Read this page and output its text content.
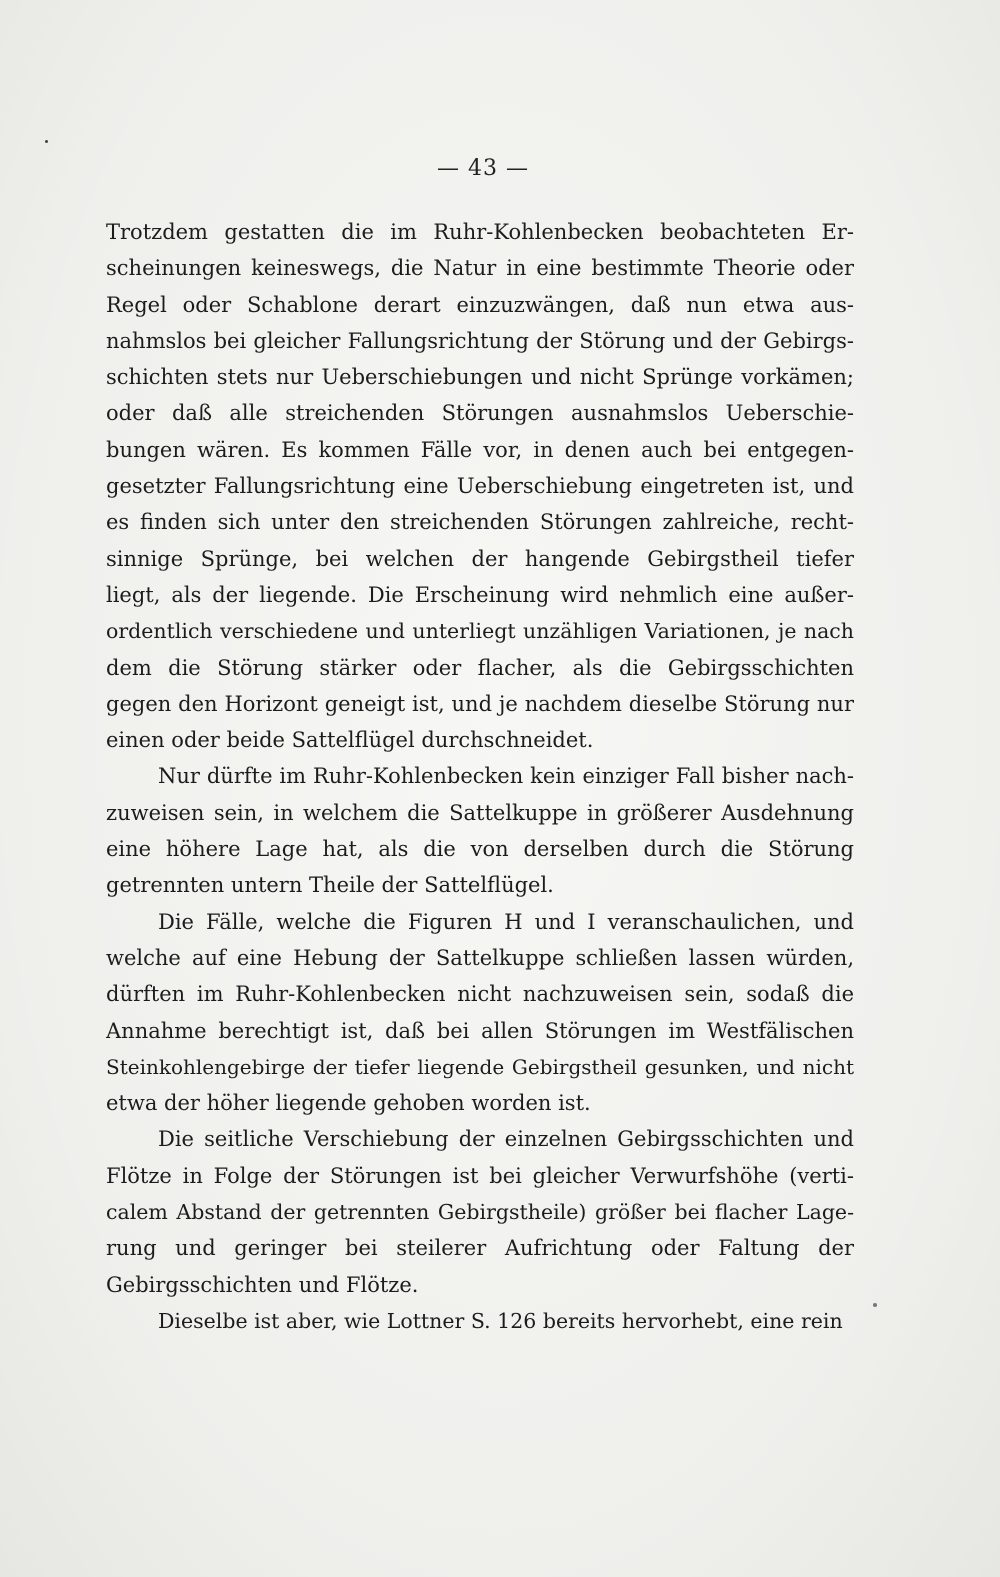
— 43 —
Trotzdem gestatten die im Ruhr-Kohlenbecken beobachteten Er-
scheinungen keineswegs, die Natur in eine bestimmte Theorie oder
Regel oder Schablone derart einzuzwängen, daß nun etwa aus-
nahmslos bei gleicher Fallungsrichtung der Störung und der Gebirgs-
schichten stets nur Ueberschiebungen und nicht Sprünge vorkämen;
oder daß alle streichenden Störungen ausnahmslos Ueberschie-
bungen wären. Es kommen Fälle vor, in denen auch bei entgegen-
gesetzter Fallungsrichtung eine Ueberschiebung eingetreten ist, und
es finden sich unter den streichenden Störungen zahlreiche, recht-
sinnige Sprünge, bei welchen der hangende Gebirgstheil tiefer
liegt, als der liegende. Die Erscheinung wird nehmlich eine außer-
ordentlich verschiedene und unterliegt unzähligen Variationen, je nach
dem die Störung stärker oder flacher, als die Gebirgsschichten
gegen den Horizont geneigt ist, und je nachdem dieselbe Störung nur
einen oder beide Sattelflügel durchschneidet.
Nur dürfte im Ruhr-Kohlenbecken kein einziger Fall bisher nach-
zuweisen sein, in welchem die Sattelkuppe in größerer Ausdehnung
eine höhere Lage hat, als die von derselben durch die Störung
getrennten untern Theile der Sattelflügel.
Die Fälle, welche die Figuren H und I veranschaulichen, und
welche auf eine Hebung der Sattelkuppe schließen lassen würden,
dürften im Ruhr-Kohlenbecken nicht nachzuweisen sein, sodaß die
Annahme berechtigt ist, daß bei allen Störungen im Westfälischen
Steinkohlengebirge der tiefer liegende Gebirgstheil gesunken, und nicht
etwa der höher liegende gehoben worden ist.
Die seitliche Verschiebung der einzelnen Gebirgsschichten und
Flötze in Folge der Störungen ist bei gleicher Verwurfshöhe (verti-
calem Abstand der getrennten Gebirgstheile) größer bei flacher Lage-
rung und geringer bei steilerer Aufrichtung oder Faltung der
Gebirgsschichten und Flötze.
Dieselbe ist aber, wie Lottner S. 126 bereits hervorhebt, eine rein
